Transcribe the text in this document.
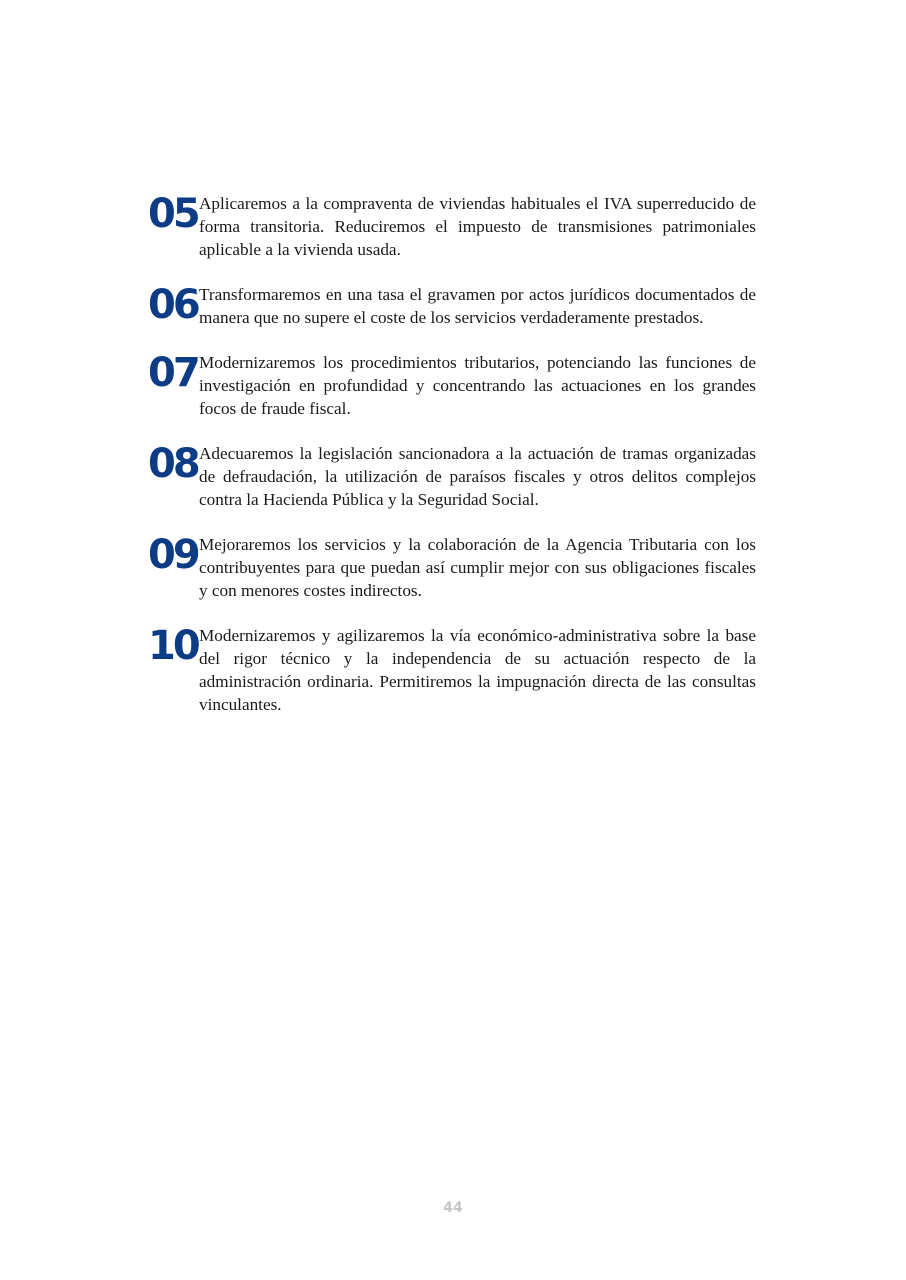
05 Aplicaremos a la compraventa de viviendas habituales el IVA superreducido de forma transitoria. Reduciremos el impuesto de transmisiones patrimoniales aplicable a la vivienda usada.
06 Transformaremos en una tasa el gravamen por actos jurídicos documentados de manera que no supere el coste de los servicios verdaderamente prestados.
07 Modernizaremos los procedimientos tributarios, potenciando las funciones de investigación en profundidad y concentrando las actuaciones en los grandes focos de fraude fiscal.
08 Adecuaremos la legislación sancionadora a la actuación de tramas organizadas de defraudación, la utilización de paraísos fiscales y otros delitos complejos contra la Hacienda Pública y la Seguridad Social.
09 Mejoraremos los servicios y la colaboración de la Agencia Tributaria con los contribuyentes para que puedan así cumplir mejor con sus obligaciones fiscales y con menores costes indirectos.
10 Modernizaremos y agilizaremos la vía económico-administrativa sobre la base del rigor técnico y la independencia de su actuación respecto de la administración ordinaria. Permitiremos la impugnación directa de las consultas vinculantes.
44
